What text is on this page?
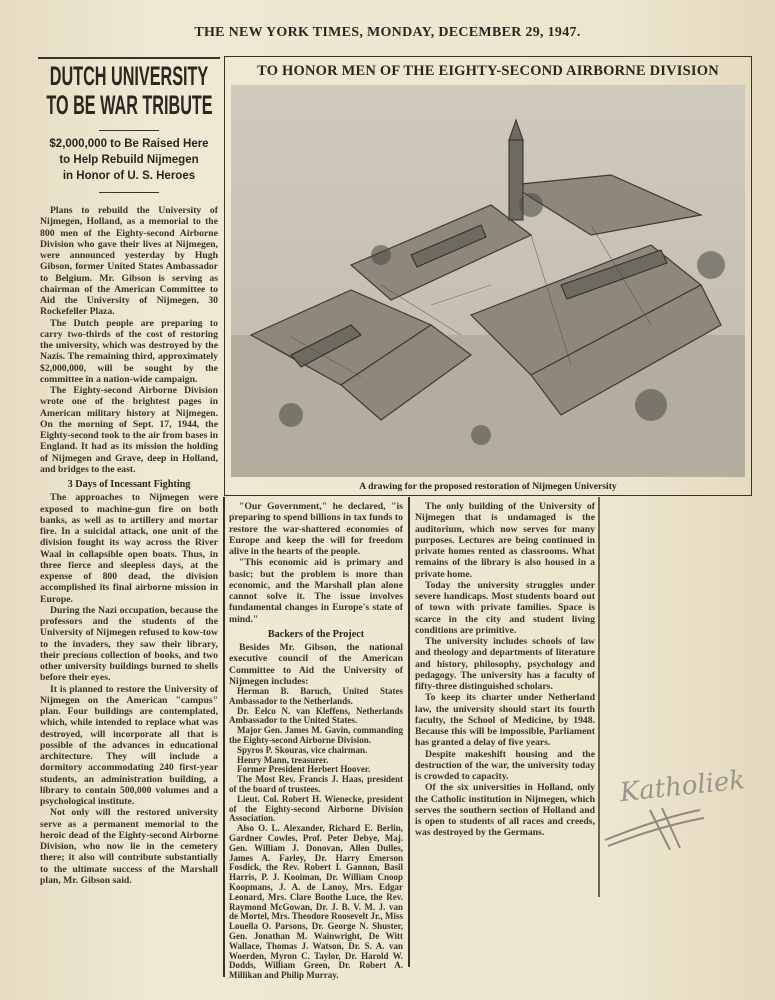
THE NEW YORK TIMES, MONDAY, DECEMBER 29, 1947.
DUTCH UNIVERSITY
TO BE WAR TRIBUTE
$2,000,000 to Be Raised Here
to Help Rebuild Nijmegen
in Honor of U. S. Heroes
TO HONOR MEN OF THE EIGHTY-SECOND AIRBORNE DIVISION
A drawing for the proposed restoration of Nijmegen University

Plans to rebuild the University of Nijmegen, Holland, as a memorial to the 800 men of the Eighty-second Airborne Division who gave their lives at Nijmegen, were announced yesterday by Hugh Gibson, former United States Ambassador to Belgium. Mr. Gibson is serving as chairman of the American Committee to Aid the University of Nijmegen, 30 Rockefeller Plaza.

The Dutch people are preparing to carry two-thirds of the cost of restoring the university, which was destroyed by the Nazis. The remaining third, approximately $2,000,000, will be sought by the committee in a nation-wide campaign.

The Eighty-second Airborne Division wrote one of the brightest pages in American military history at Nijmegen. On the morning of Sept. 17, 1944, the Eighty-second took to the air from bases in England. It had as its mission the holding of Nijmegen and Grave, deep in Holland, and bridges to the east.

3 Days of Incessant Fighting

The approaches to Nijmegen were exposed to machine-gun fire on both banks, as well as to artillery and mortar fire. In a suicidal attack, one unit of the division fought its way across the River Waal in collapsible open boats. Thus, in three fierce and sleepless days, at the expense of 800 dead, the division accomplished its final airborne mission in Europe.

During the Nazi occupation, because the professors and the students of the University of Nijmegen refused to kow-tow to the invaders, they saw their library, their precious collection of books, and two other university buildings burned to shells before their eyes.

It is planned to restore the University of Nijmegen on the American "campus" plan. Four buildings are contemplated, which, while intended to replace what was destroyed, will incorporate all that is possible of the advances in educational architecture. They will include a dormitory accommodating 240 first-year students, an administration building, a library to contain 500,000 volumes and a psychological institute.

Not only will the restored university serve as a permanent memorial to the heroic dead of the Eighty-second Airborne Division, who now lie in the cemetery there; it also will contribute substantially to the ultimate success of the Marshall plan, Mr. Gibson said.

"Our Government," he declared, "is preparing to spend billions in tax funds to restore the war-shattered economies of Europe and keep the will for freedom alive in the hearts of the people.

"This economic aid is primary and basic; but the problem is more than economic, and the Marshall plan alone cannot solve it. The issue involves fundamental changes in Europe's state of mind."

Backers of the Project

Besides Mr. Gibson, the national executive council of the American Committee to Aid the University of Nijmegen includes:

Herman B. Baruch, United States Ambassador to the Netherlands.

Dr. Eelco N. van Kleffens, Netherlands Ambassador to the United States.

Major Gen. James M. Gavin, commanding the Eighty-second Airborne Division.

Spyros P. Skouras, vice chairman.

Henry Mann, treasurer.

Former President Herbert Hoover.

The Most Rev. Francis J. Haas, president of the board of trustees.

Lieut. Col. Robert H. Wienecke, president of the Eighty-second Airborne Division Association.

Also O. L. Alexander, Richard E. Berlin, Gardner Cowles, Prof. Peter Debye, Maj. Gen. William J. Donovan, Allen Dulles, James A. Farley, Dr. Harry Emerson Fosdick, the Rev. Robert I. Gannon, Basil Harris, P. J. Kooiman, Dr. William Cnoop Koopmans, J. A. de Lanoy, Mrs. Edgar Leonard, Mrs. Clare Boothe Luce, the Rev. Raymond McGowan, Dr. J. B. V. M. J. van de Mortel, Mrs. Theodore Roosevelt Jr., Miss Louella O. Parsons, Dr. George N. Shuster, Gen. Jonathan M. Wainwright, De Witt Wallace, Thomas J. Watson, Dr. S. A. van Woerden, Myron C. Taylor, Dr. Harold W. Dodds, William Green, Dr. Robert A. Millikan and Philip Murray.

The only building of the University of Nijmegen that is undamaged is the auditorium, which now serves for many purposes. Lectures are being continued in private homes rented as classrooms. What remains of the library is also housed in a private home.

Today the university struggles under severe handicaps. Most students board out of town with private families. Space is scarce in the city and student living conditions are primitive.

The university includes schools of law and theology and departments of literature and history, philosophy, psychology and pedagogy. The university has a faculty of fifty-three distinguished scholars.

To keep its charter under Netherland law, the university should start its fourth faculty, the School of Medicine, by 1948. Because this will be impossible, Parliament has granted a delay of five years.

Despite makeshift housing and the destruction of the war, the university today is crowded to capacity.

Of the six universities in Holland, only the Catholic institution in Nijmegen, which serves the southern section of Holland and is open to students of all races and creeds, was destroyed by the Germans.

Katholiek
